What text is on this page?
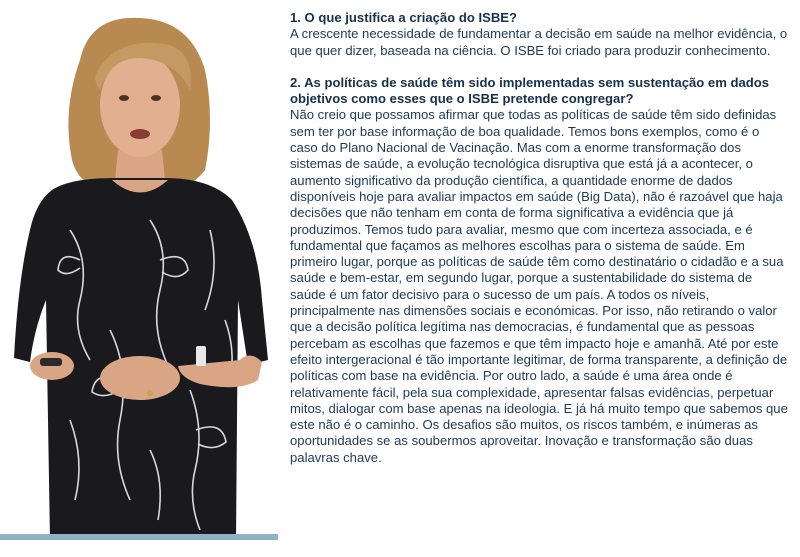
1. O que justifica a criação do ISBE?
A crescente necessidade de fundamentar a decisão em saúde na melhor evidência, o que quer dizer, baseada na ciência. O ISBE foi criado para produzir conhecimento.
2. As políticas de saúde têm sido implementadas sem sustentação em dados objetivos como esses que o ISBE pretende congregar?
Não creio que possamos afirmar que todas as políticas de saúde têm sido definidas sem ter por base informação de boa qualidade. Temos bons exemplos, como é o caso do Plano Nacional de Vacinação. Mas com a enorme transformação dos sistemas de saúde, a evolução tecnológica disruptiva que está já a acontecer, o aumento significativo da produção científica, a quantidade enorme de dados disponíveis hoje para avaliar impactos em saúde (Big Data), não é razoável que haja decisões que não tenham em conta de forma significativa a evidência que já produzimos. Temos tudo para avaliar, mesmo que com incerteza associada, e é fundamental que façamos as melhores escolhas para o sistema de saúde. Em primeiro lugar, porque as políticas de saúde têm como destinatário o cidadão e a sua saúde e bem-estar, em segundo lugar, porque a sustentabilidade do sistema de saúde é um fator decisivo para o sucesso de um país. A todos os níveis, principalmente nas dimensões sociais e económicas. Por isso, não retirando o valor que a decisão política legítima nas democracias, é fundamental que as pessoas percebam as escolhas que fazemos e que têm impacto hoje e amanhã. Até por este efeito intergeracional é tão importante legitimar, de forma transparente, a definição de políticas com base na evidência. Por outro lado, a saúde é uma área onde é relativamente fácil, pela sua complexidade, apresentar falsas evidências, perpetuar mitos, dialogar com base apenas na ideologia. E já há muito tempo que sabemos que este não é o caminho. Os desafios são muitos, os riscos também, e inúmeras as oportunidades se as soubermos aproveitar. Inovação e transformação são duas palavras chave.
